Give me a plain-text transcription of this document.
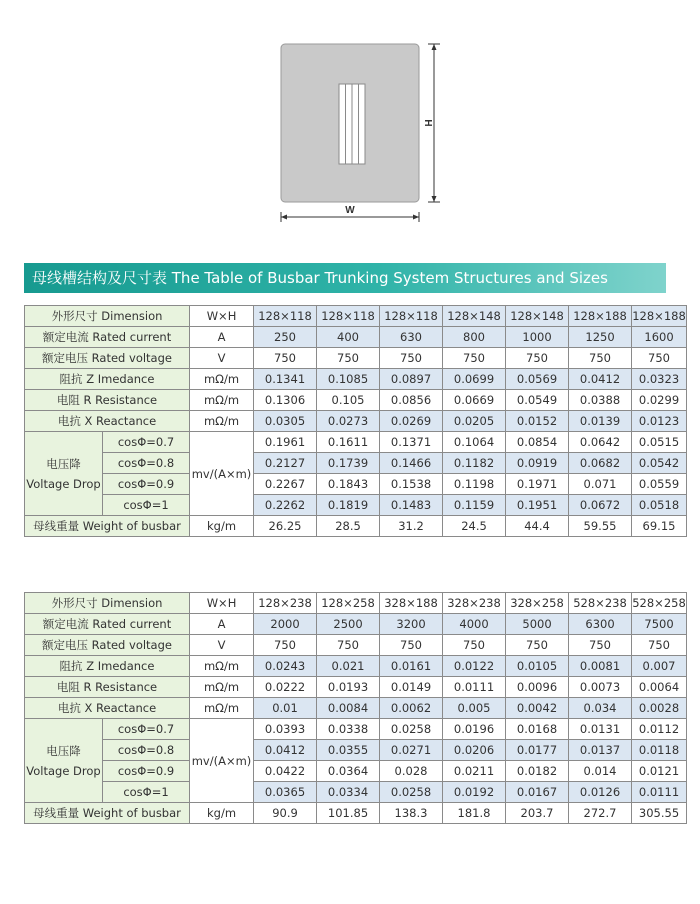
W
H
母线槽结构及尺寸表 The Table of Busbar Trunking System Structures and Sizes
外形尺寸 Dimension		W×H	128×118	128×118	128×118	128×148	128×148	128×188	128×188
额定电流 Rated current		A	250	400	630	800	1000	1250	1600
额定电压 Rated voltage		V	750	750	750	750	750	750	750
阻抗 Z Imedance		mΩ/m	0.1341	0.1085	0.0897	0.0699	0.0569	0.0412	0.0323
电阻 R Resistance		mΩ/m	0.1306	0.105	0.0856	0.0669	0.0549	0.0388	0.0299
电抗 X Reactance		mΩ/m	0.0305	0.0273	0.0269	0.0205	0.0152	0.0139	0.0123

电压降
Voltage Drop	cosΦ=0.7	mv/(A×m)	0.1961	0.1611	0.1371	0.1064	0.0854	0.0642	0.0515
	cosΦ=0.8		0.2127	0.1739	0.1466	0.1182	0.0919	0.0682	0.0542
	cosΦ=0.9		0.2267	0.1843	0.1538	0.1198	0.1971	0.071	0.0559
	cosΦ=1		0.2262	0.1819	0.1483	0.1159	0.1951	0.0672	0.0518
母线重量 Weight of busbar		kg/m	26.25	28.5	31.2	24.5	44.4	59.55	69.15
外形尺寸 Dimension		W×H	128×238	128×258	328×188	328×238	328×258	528×238	528×258
额定电流 Rated current		A	2000	2500	3200	4000	5000	6300	7500
额定电压 Rated voltage		V	750	750	750	750	750	750	750
阻抗 Z Imedance		mΩ/m	0.0243	0.021	0.0161	0.0122	0.0105	0.0081	0.007
电阻 R Resistance		mΩ/m	0.0222	0.0193	0.0149	0.0111	0.0096	0.0073	0.0064
电抗 X Reactance		mΩ/m	0.01	0.0084	0.0062	0.005	0.0042	0.034	0.0028

电压降
Voltage Drop	cosΦ=0.7	mv/(A×m)	0.0393	0.0338	0.0258	0.0196	0.0168	0.0131	0.0112
	cosΦ=0.8		0.0412	0.0355	0.0271	0.0206	0.0177	0.0137	0.0118
	cosΦ=0.9		0.0422	0.0364	0.028	0.0211	0.0182	0.014	0.0121
	cosΦ=1		0.0365	0.0334	0.0258	0.0192	0.0167	0.0126	0.0111
母线重量 Weight of busbar		kg/m	90.9	101.85	138.3	181.8	203.7	272.7	305.55
